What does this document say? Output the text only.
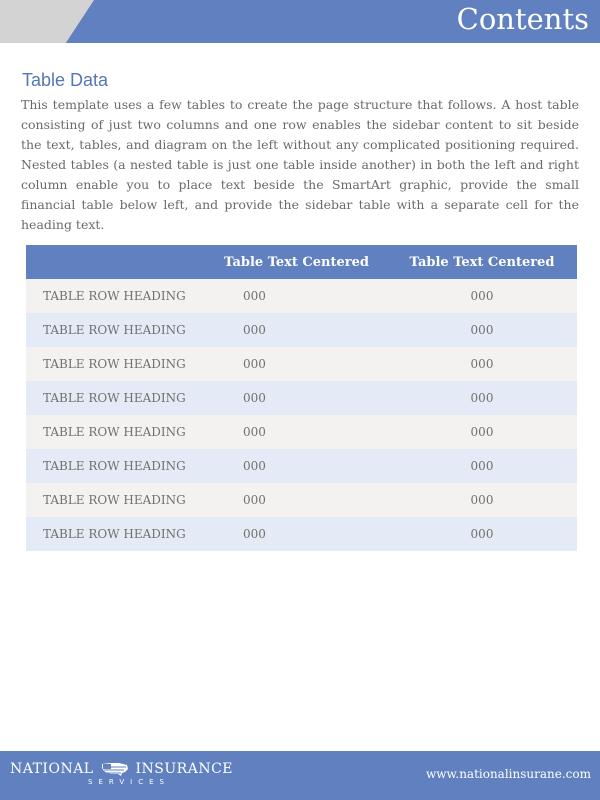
Contents
Table Data

This template uses a few tables to create the page structure that follows. A host table consisting of just two columns and one row enables the sidebar content to sit beside the text, tables, and diagram on the left without any complicated positioning required. Nested tables (a nested table is just one table inside another) in both the left and right column enable you to place text beside the SmartArt graphic, provide the small financial table below left, and provide the sidebar table with a separate cell for the heading text.

	Table Text Centered	Table Text Centered
TABLE ROW HEADING	000	000
TABLE ROW HEADING	000	000
TABLE ROW HEADING	000	000
TABLE ROW HEADING	000	000
TABLE ROW HEADING	000	000
TABLE ROW HEADING	000	000
TABLE ROW HEADING	000	000
TABLE ROW HEADING	000	000
NATIONAL	INSURANCE
SERVICES
www.nationalinsurane.com
